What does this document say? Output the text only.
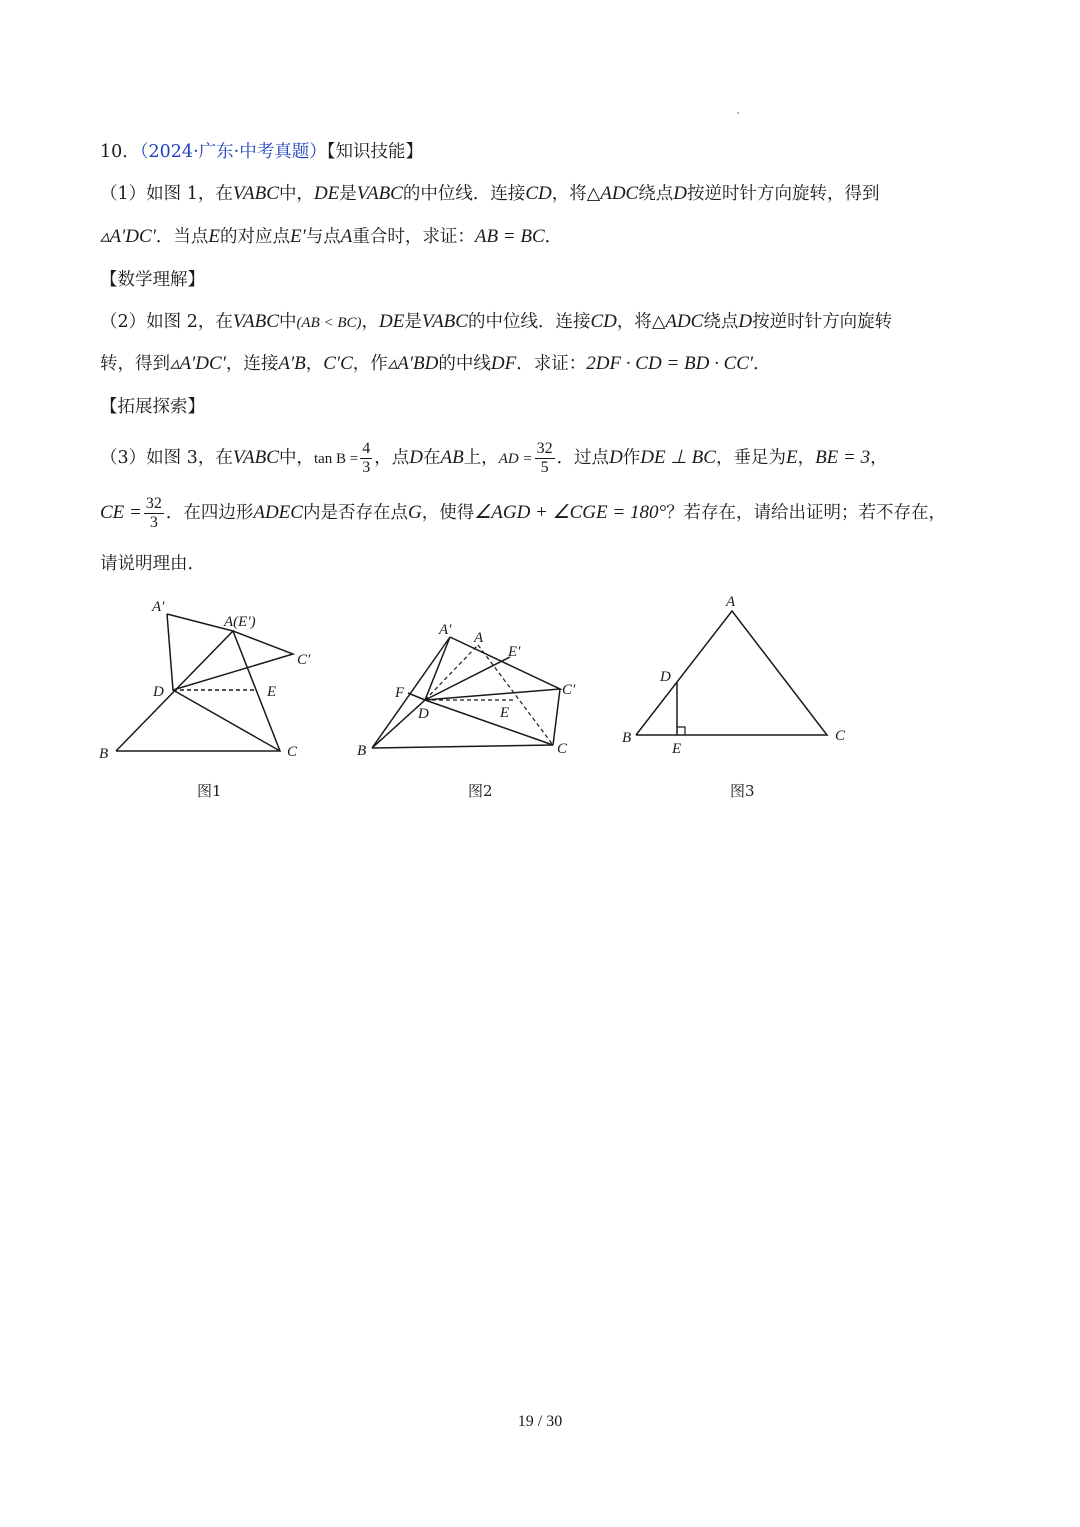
10．（2024·广东·中考真题）【知识技能】
（1）如图 1，在VABC中，DE是VABC的中位线．连接CD，将△ADC绕点D按逆时针方向旋转，得到
▵A′DC′．当点E的对应点E′与点A重合时，求证：AB = BC．
【数学理解】
（2）如图 2，在VABC中(AB < BC)，DE是VABC的中位线．连接CD，将△ADC绕点D按逆时针方向旋转
转，得到▵A′DC′，连接A′B，C′C，作▵A′BD的中线DF．求证：2DF · CD = BD · CC′．
【拓展探索】
（3）如图 3，在VABC中，$\tan B = \frac{4}{3}$ ，点D在AB上，AD = $\frac{32}{5}$ ．过点D作DE ⊥ BC，垂足为E，BE = 3，
CE = $\frac{32}{3}$ ．在四边形ADEC内是否存在点G，使得∠AGD + ∠CGE = 180°？若存在，请给出证明；若不存在，
请说明理由．
A′
A(E′)
C′
D	E
B	C
图1
A′ A
E′
F	C′
D	E
B	C
图2
A
D
B
E
C
图3
19 / 30
